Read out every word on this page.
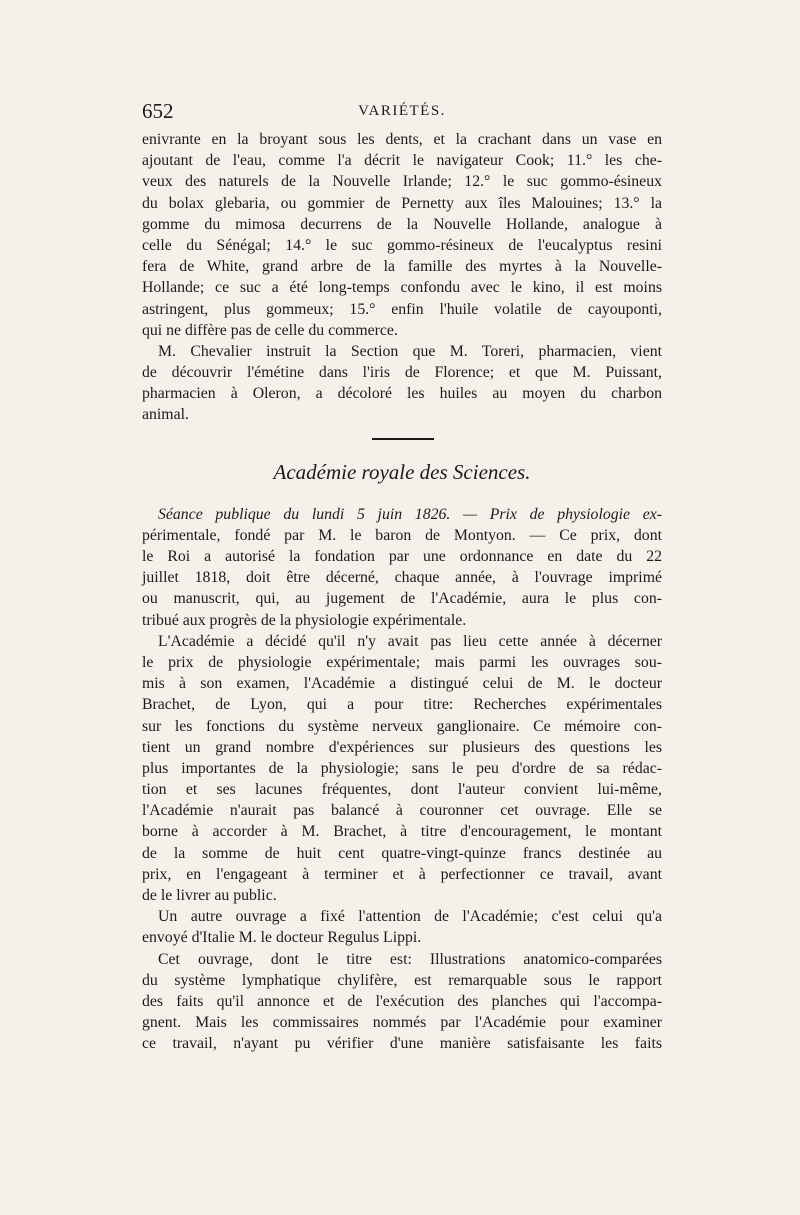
652	VARIÉTÉS.
enivrante en la broyant sous les dents, et la crachant dans un vase en
ajoutant de l'eau, comme l'a décrit le navigateur Cook; 11.° les che-
veux des naturels de la Nouvelle Irlande; 12.° le suc gommo-ésineux
du bolax glebaria, ou gommier de Pernetty aux îles Malouines; 13.° la
gomme du mimosa decurrens de la Nouvelle Hollande, analogue à
celle du Sénégal; 14.° le suc gommo-résineux de l'eucalyptus resini
fera de White, grand arbre de la famille des myrtes à la Nouvelle-
Hollande; ce suc a été long-temps confondu avec le kino, il est moins
astringent, plus gommeux; 15.° enfin l'huile volatile de cayouponti,
qui ne diffère pas de celle du commerce.
M. Chevalier instruit la Section que M. Toreri, pharmacien, vient
de découvrir l'émétine dans l'iris de Florence; et que M. Puissant,
pharmacien à Oleron, a décoloré les huiles au moyen du charbon
animal.
Académie royale des Sciences.
Séance publique du lundi 5 juin 1826. — Prix de physiologie ex-
périmentale, fondé par M. le baron de Montyon. — Ce prix, dont
le Roi a autorisé la fondation par une ordonnance en date du 22
juillet 1818, doit être décerné, chaque année, à l'ouvrage imprimé
ou manuscrit, qui, au jugement de l'Académie, aura le plus con-
tribué aux progrès de la physiologie expérimentale.
L'Académie a décidé qu'il n'y avait pas lieu cette année à décerner
le prix de physiologie expérimentale; mais parmi les ouvrages sou-
mis à son examen, l'Académie a distingué celui de M. le docteur
Brachet, de Lyon, qui a pour titre: Recherches expérimentales
sur les fonctions du système nerveux ganglionaire. Ce mémoire con-
tient un grand nombre d'expériences sur plusieurs des questions les
plus importantes de la physiologie; sans le peu d'ordre de sa rédac-
tion et ses lacunes fréquentes, dont l'auteur convient lui-même,
l'Académie n'aurait pas balancé à couronner cet ouvrage. Elle se
borne à accorder à M. Brachet, à titre d'encouragement, le montant
de la somme de huit cent quatre-vingt-quinze francs destinée au
prix, en l'engageant à terminer et à perfectionner ce travail, avant
de le livrer au public.
Un autre ouvrage a fixé l'attention de l'Académie; c'est celui qu'a
envoyé d'Italie M. le docteur Regulus Lippi.
Cet ouvrage, dont le titre est: Illustrations anatomico-comparées
du système lymphatique chylifère, est remarquable sous le rapport
des faits qu'il annonce et de l'exécution des planches qui l'accompa-
gnent. Mais les commissaires nommés par l'Académie pour examiner
ce travail, n'ayant pu vérifier d'une manière satisfaisante les faits
